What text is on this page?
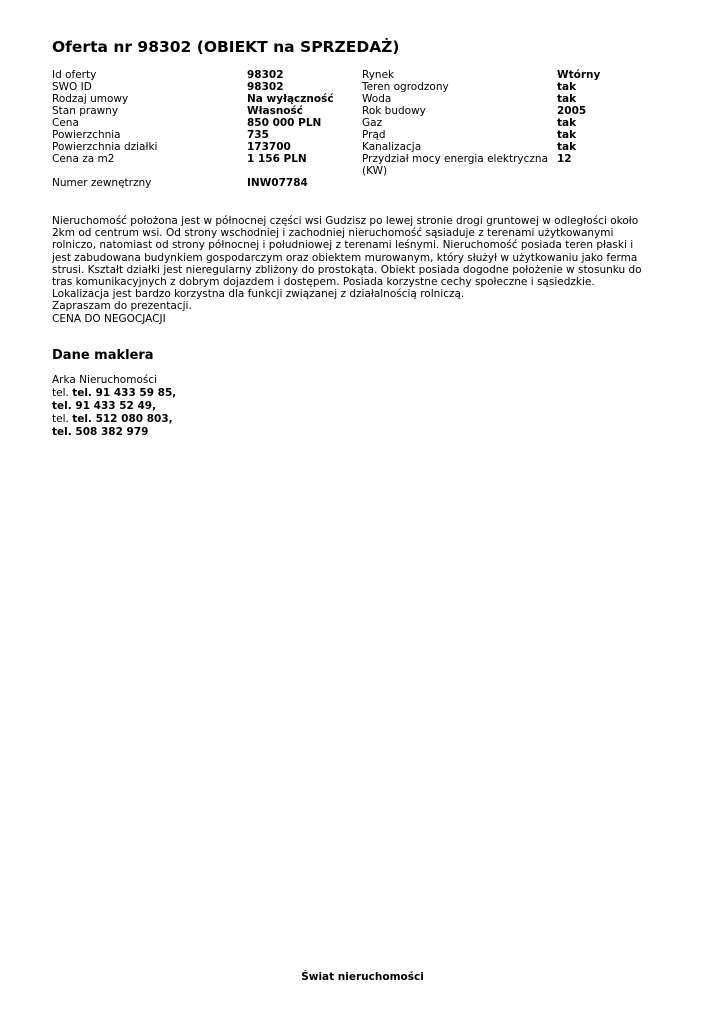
Oferta nr 98302 (OBIEKT na SPRZEDAŻ)
Id oferty	98302	Rynek	Wtórny
SWO ID	98302	Teren ogrodzony	tak
Rodzaj umowy	Na wyłączność	Woda	tak
Stan prawny	Własność	Rok budowy	2005
Cena	850 000 PLN	Gaz	tak
Powierzchnia	735	Prąd	tak
Powierzchnia działki	173700	Kanalizacja	tak
Cena za m2	1 156 PLN	Przydział mocy energia elektryczna (KW)	12
Numer zewnętrzny	INW07784		

Nieruchomość położona jest w północnej części wsi Gudzisz po lewej stronie drogi gruntowej w odległości około 2km od centrum wsi. Od strony wschodniej i zachodniej nieruchomość sąsiaduje z terenami użytkowanymi rolniczo, natomiast od strony północnej i południowej z terenami leśnymi. Nieruchomość posiada teren płaski i jest zabudowana budynkiem gospodarczym oraz obiektem murowanym, który służył w użytkowaniu jako ferma strusi. Kształt działki jest nieregularny zbliżony do prostokąta. Obiekt posiada dogodne położenie w stosunku do tras komunikacyjnych z dobrym dojazdem i dostępem. Posiada korzystne cechy społeczne i sąsiedzkie. Lokalizacja jest bardzo korzystna dla funkcji związanej z działalnością rolniczą.

Zapraszam do prezentacji.

CENA DO NEGOCJACJI

Dane maklera
Arka Nieruchomości
tel. tel. 91 433 59 85,
tel. 91 433 52 49,
tel. tel. 512 080 803,
tel. 508 382 979
Świat nieruchomości
